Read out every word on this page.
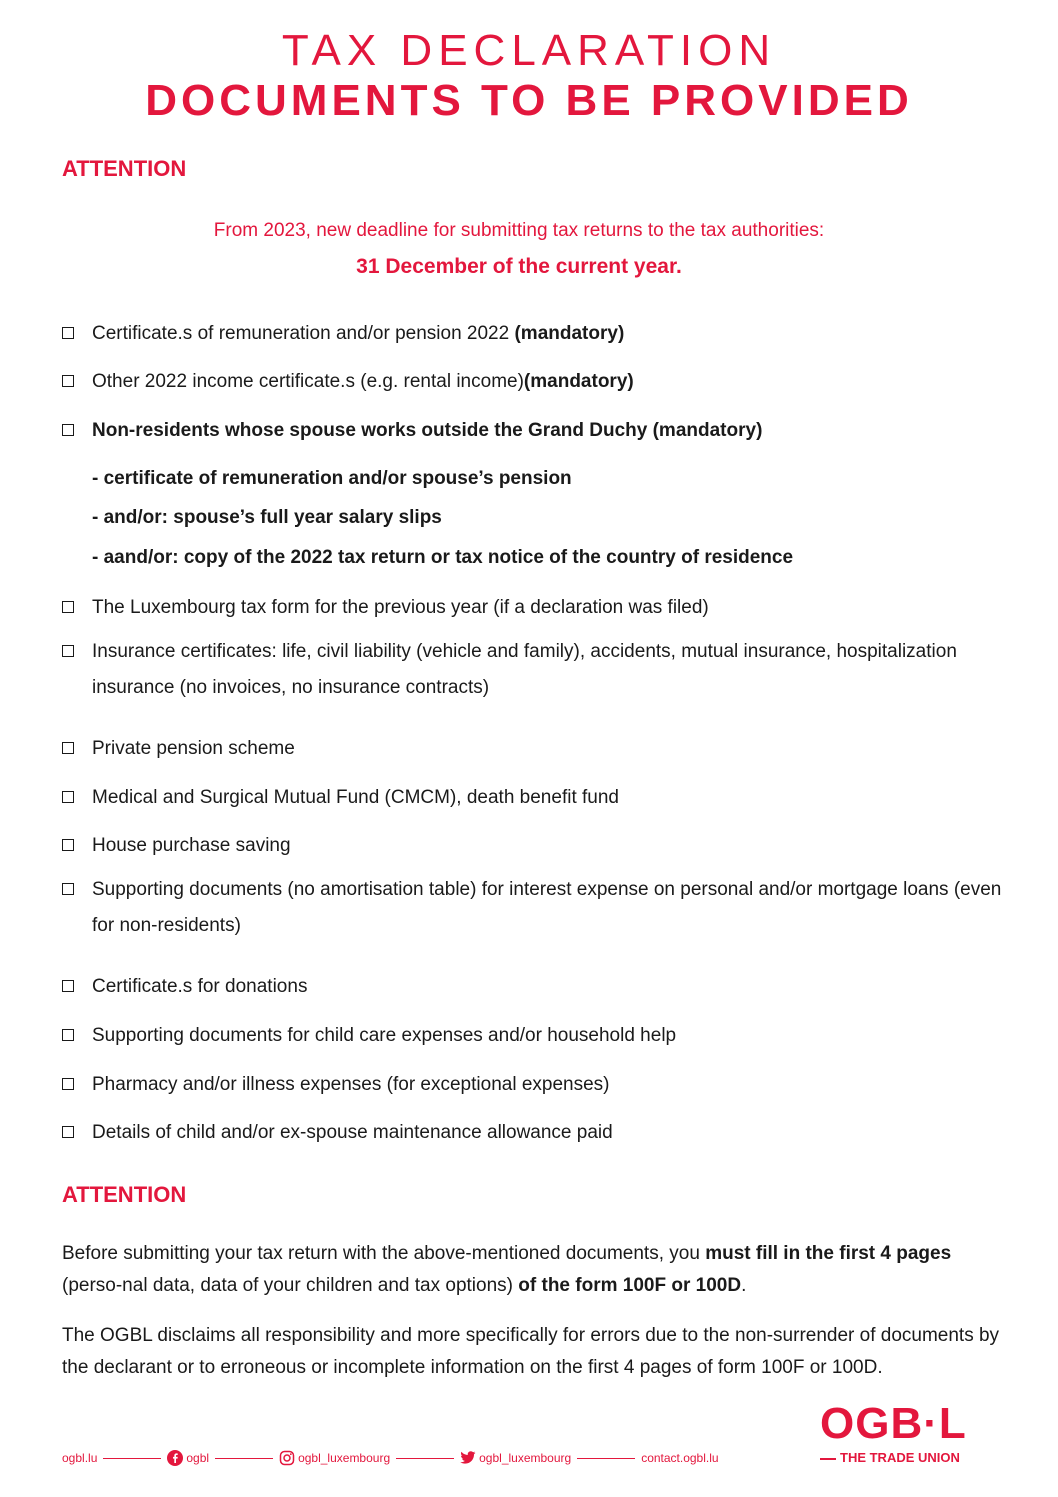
TAX DECLARATION
DOCUMENTS TO BE PROVIDED
ATTENTION
From 2023, new deadline for submitting tax returns to the tax authorities:
31 December of the current year.
Certificate.s of remuneration and/or pension 2022 (mandatory)
Other 2022 income certificate.s (e.g. rental income)(mandatory)
Non-residents whose spouse works outside the Grand Duchy (mandatory)
- certificate of remuneration and/or spouse’s pension
- and/or: spouse’s full year salary slips
- aand/or: copy of the 2022 tax return or tax notice of the country of residence
The Luxembourg tax form for the previous year (if a declaration was filed)
Insurance certificates: life, civil liability (vehicle and family), accidents, mutual insurance, hospitalization insurance (no invoices, no insurance contracts)
Private pension scheme
Medical and Surgical Mutual Fund (CMCM), death benefit fund
House purchase saving
Supporting documents (no amortisation table) for interest expense on personal and/or mortgage loans (even for non-residents)
Certificate.s for donations
Supporting documents for child care expenses and/or household help
Pharmacy and/or illness expenses (for exceptional expenses)
Details of child and/or ex-spouse maintenance allowance paid
ATTENTION
Before submitting your tax return with the above-mentioned documents, you must fill in the first 4 pages (perso-nal data, data of your children and tax options) of the form 100F or 100D.
The OGBL disclaims all responsibility and more specifically for errors due to the non-surrender of documents by the declarant or to erroneous or incomplete information on the first 4 pages of form 100F or 100D.
ogbl.lu	ogbl	ogbl_luxembourg	ogbl_luxembourg	contact.ogbl.lu
OGB·L
THE TRADE UNION
